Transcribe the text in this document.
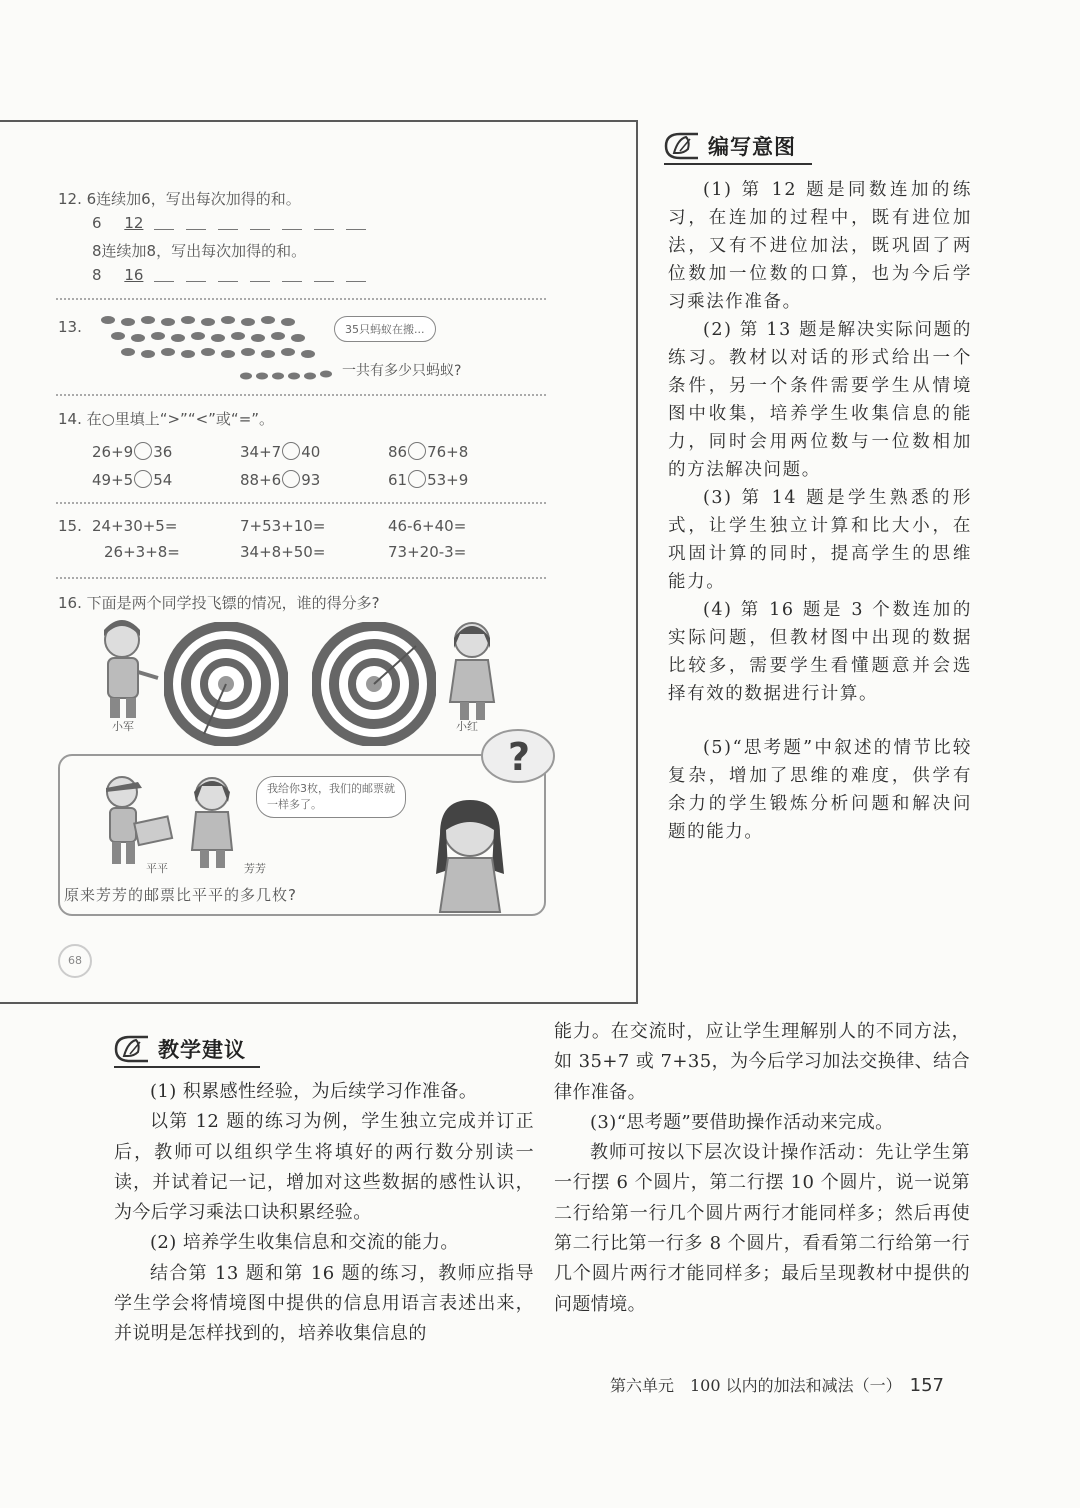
12. 6连续加6，写出每次加得的和。
6 12
8连续加8，写出每次加得的和。
8 16
13.	35只蚂蚁在搬...
一共有多少只蚂蚁?
14. 在○里填上“>”“<”或“=”。
26+9 36	34+7 40	86 76+8
49+5 54	88+6 93	61 53+9
15. 24+30+5=	7+53+10=	46-6+40=
26+3+8=	34+8+50=	73+20-3=
16. 下面是两个同学投飞镖的情况，谁的得分多?
小军	小红
?
平平	芳芳
我给你3枚，我们的邮票就一样多了。
原来芳芳的邮票比平平的多几枚?
68
编写意图

(1) 第 12 题是同数连加的练习，在连加的过程中，既有进位加法，又有不进位加法，既巩固了两位数加一位数的口算，也为今后学习乘法作准备。

(2) 第 13 题是解决实际问题的练习。教材以对话的形式给出一个条件，另一个条件需要学生从情境图中收集，培养学生收集信息的能力，同时会用两位数与一位数相加的方法解决问题。

(3) 第 14 题是学生熟悉的形式，让学生独立计算和比大小，在巩固计算的同时，提高学生的思维能力。

(4) 第 16 题是 3 个数连加的实际问题，但教材图中出现的数据比较多，需要学生看懂题意并会选择有效的数据进行计算。

(5)“思考题”中叙述的情节比较复杂，增加了思维的难度，供学有余力的学生锻炼分析问题和解决问题的能力。

教学建议

(1) 积累感性经验，为后续学习作准备。

以第 12 题的练习为例，学生独立完成并订正后，教师可以组织学生将填好的两行数分别读一读，并试着记一记，增加对这些数据的感性认识，为今后学习乘法口诀积累经验。

(2) 培养学生收集信息和交流的能力。

结合第 13 题和第 16 题的练习，教师应指导学生学会将情境图中提供的信息用语言表述出来，并说明是怎样找到的，培养收集信息的

能力。在交流时，应让学生理解别人的不同方法，如 35+7 或 7+35，为今后学习加法交换律、结合律作准备。

(3)“思考题”要借助操作活动来完成。

教师可按以下层次设计操作活动：先让学生第一行摆 6 个圆片，第二行摆 10 个圆片，说一说第二行给第一行几个圆片两行才能同样多；然后再使第二行比第一行多 8 个圆片，看看第二行给第一行几个圆片两行才能同样多；最后呈现教材中提供的问题情境。

第六单元　100 以内的加法和减法（一） 157
